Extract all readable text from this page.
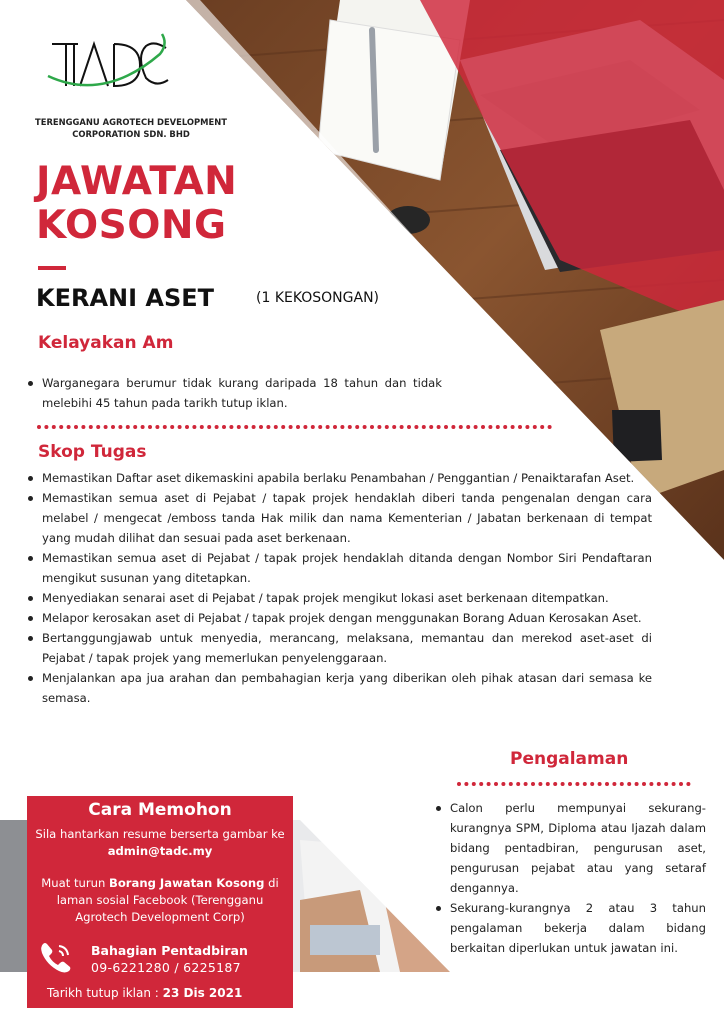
TERENGGANU AGROTECH DEVELOPMENT
CORPORATION SDN. BHD
JAWATAN
KOSONG
KERANI ASET	(1 KEKOSONGAN)
Kelayakan Am
Warganegara berumur tidak kurang daripada 18 tahun dan tidak melebihi 45 tahun pada tarikh tutup iklan.
Skop Tugas
Memastikan Daftar aset dikemaskini apabila berlaku Penambahan / Penggantian / Penaiktarafan Aset.
Memastikan semua aset di Pejabat / tapak projek hendaklah diberi tanda pengenalan dengan cara melabel / mengecat /emboss tanda Hak milik dan nama Kementerian / Jabatan berkenaan di tempat yang mudah dilihat dan sesuai pada aset berkenaan.
Memastikan semua aset di Pejabat / tapak projek hendaklah ditanda dengan Nombor Siri Pendaftaran mengikut susunan yang ditetapkan.
Menyediakan senarai aset di Pejabat / tapak projek mengikut lokasi aset berkenaan ditempatkan.
Melapor kerosakan aset di Pejabat / tapak projek dengan menggunakan Borang Aduan Kerosakan Aset.
Bertanggungjawab untuk menyedia, merancang, melaksana, memantau dan merekod aset-aset di Pejabat / tapak projek yang memerlukan penyelenggaraan.
Menjalankan apa jua arahan dan pembahagian kerja yang diberikan oleh pihak atasan dari semasa ke semasa.
Pengalaman
Calon perlu mempunyai sekurang-kurangnya SPM, Diploma atau Ijazah dalam bidang pentadbiran, pengurusan aset, pengurusan pejabat atau yang setaraf dengannya.
Sekurang-kurangnya 2 atau 3 tahun pengalaman bekerja dalam bidang berkaitan diperlukan untuk jawatan ini.
Cara Memohon
Sila hantarkan resume berserta gambar ke admin@tadc.my
Muat turun Borang Jawatan Kosong di laman sosial Facebook (Terengganu Agrotech Development Corp)
Bahagian Pentadbiran
09-6221280 / 6225187
Tarikh tutup iklan : 23 Dis 2021
